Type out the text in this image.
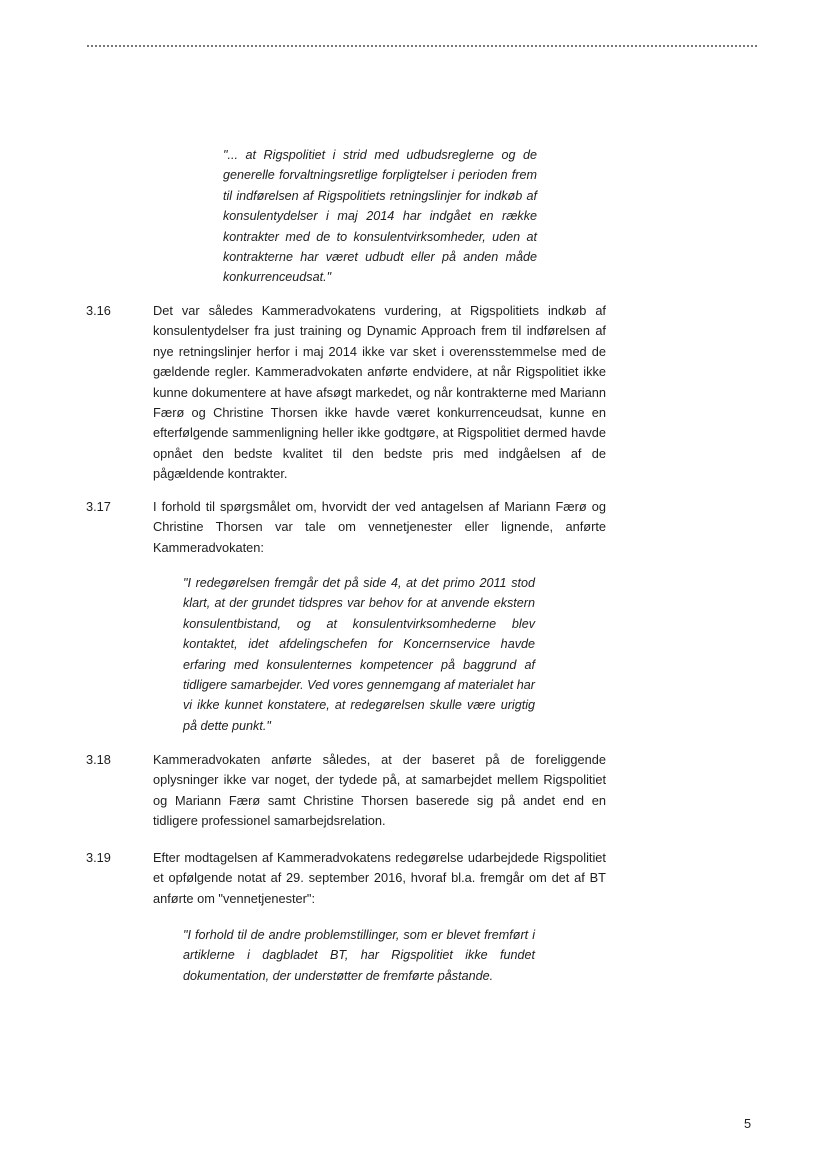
"... at Rigspolitiet i strid med udbudsreglerne og de generelle forvaltningsretlige forpligtelser i perioden frem til indførelsen af Rigspolitiets retningslinjer for indkøb af konsulentydelser i maj 2014 har indgået en række kontrakter med de to konsulentvirksomheder, uden at kontrakterne har været udbudt eller på anden måde konkurrenceudsat."

3.16	Det var således Kammeradvokatens vurdering, at Rigspolitiets indkøb af konsulentydelser fra just training og Dynamic Approach frem til indførelsen af nye retningslinjer herfor i maj 2014 ikke var sket i overensstemmelse med de gældende regler. Kammeradvokaten anførte endvidere, at når Rigspolitiet ikke kunne dokumentere at have afsøgt markedet, og når kontrakterne med Mariann Færø og Christine Thorsen ikke havde været konkurrenceudsat, kunne en efterfølgende sammenligning heller ikke godtgøre, at Rigspolitiet dermed havde opnået den bedste kvalitet til den bedste pris med indgåelsen af de pågældende kontrakter.

3.17	I forhold til spørgsmålet om, hvorvidt der ved antagelsen af Mariann Færø og Christine Thorsen var tale om vennetjenester eller lignende, anførte Kammeradvokaten:

"I redegørelsen fremgår det på side 4, at det primo 2011 stod klart, at der grundet tidspres var behov for at anvende ekstern konsulentbistand, og at konsulentvirksomhederne blev kontaktet, idet afdelingschefen for Koncernservice havde erfaring med konsulenternes kompetencer på baggrund af tidligere samarbejder. Ved vores gennemgang af materialet har vi ikke kunnet konstatere, at redegørelsen skulle være urigtig på dette punkt."

3.18	Kammeradvokaten anførte således, at der baseret på de foreliggende oplysninger ikke var noget, der tydede på, at samarbejdet mellem Rigspolitiet og Mariann Færø samt Christine Thorsen baserede sig på andet end en tidligere professionel samarbejdsrelation.

3.19	Efter modtagelsen af Kammeradvokatens redegørelse udarbejdede Rigspolitiet et opfølgende notat af 29. september 2016, hvoraf bl.a. fremgår om det af BT anførte om "vennetjenester":

"I forhold til de andre problemstillinger, som er blevet fremført i artiklerne i dagbladet BT, har Rigspolitiet ikke fundet dokumentation, der understøtter de fremførte påstande.

5
